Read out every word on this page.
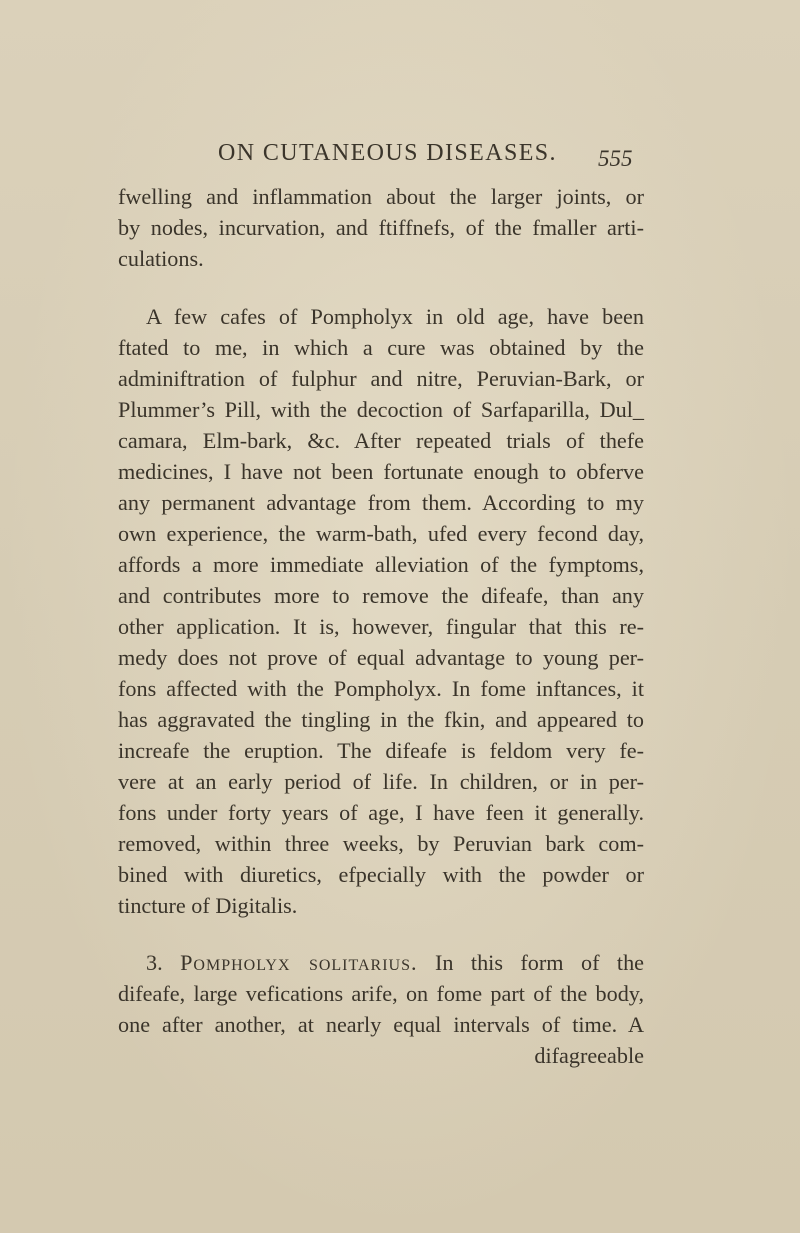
ON CUTANEOUS DISEASES. 555
fwelling and inflammation about the larger joints, or
by nodes, incurvation, and ftiffnefs, of the fmaller arti-
culations.
A few cafes of Pompholyx in old age, have been
ftated to me, in which a cure was obtained by the
adminiftration of fulphur and nitre, Peruvian-Bark, or
Plummer’s Pill, with the decoction of Sarfaparilla, Dul_
camara, Elm-bark, &c. After repeated trials of thefe
medicines, I have not been fortunate enough to obferve
any permanent advantage from them. According to my
own experience, the warm-bath, ufed every fecond day,
affords a more immediate alleviation of the fymptoms,
and contributes more to remove the difeafe, than any
other application. It is, however, fingular that this re-
medy does not prove of equal advantage to young per-
fons affected with the Pompholyx. In fome inftances, it
has aggravated the tingling in the fkin, and appeared to
increafe the eruption. The difeafe is feldom very fe-
vere at an early period of life. In children, or in per-
fons under forty years of age, I have feen it generally.
removed, within three weeks, by Peruvian bark com-
bined with diuretics, efpecially with the powder or
tincture of Digitalis.
3. Pompholyx solitarius. In this form of the
difeafe, large vefications arife, on fome part of the body,
one after another, at nearly equal intervals of time. A
difagreeable
